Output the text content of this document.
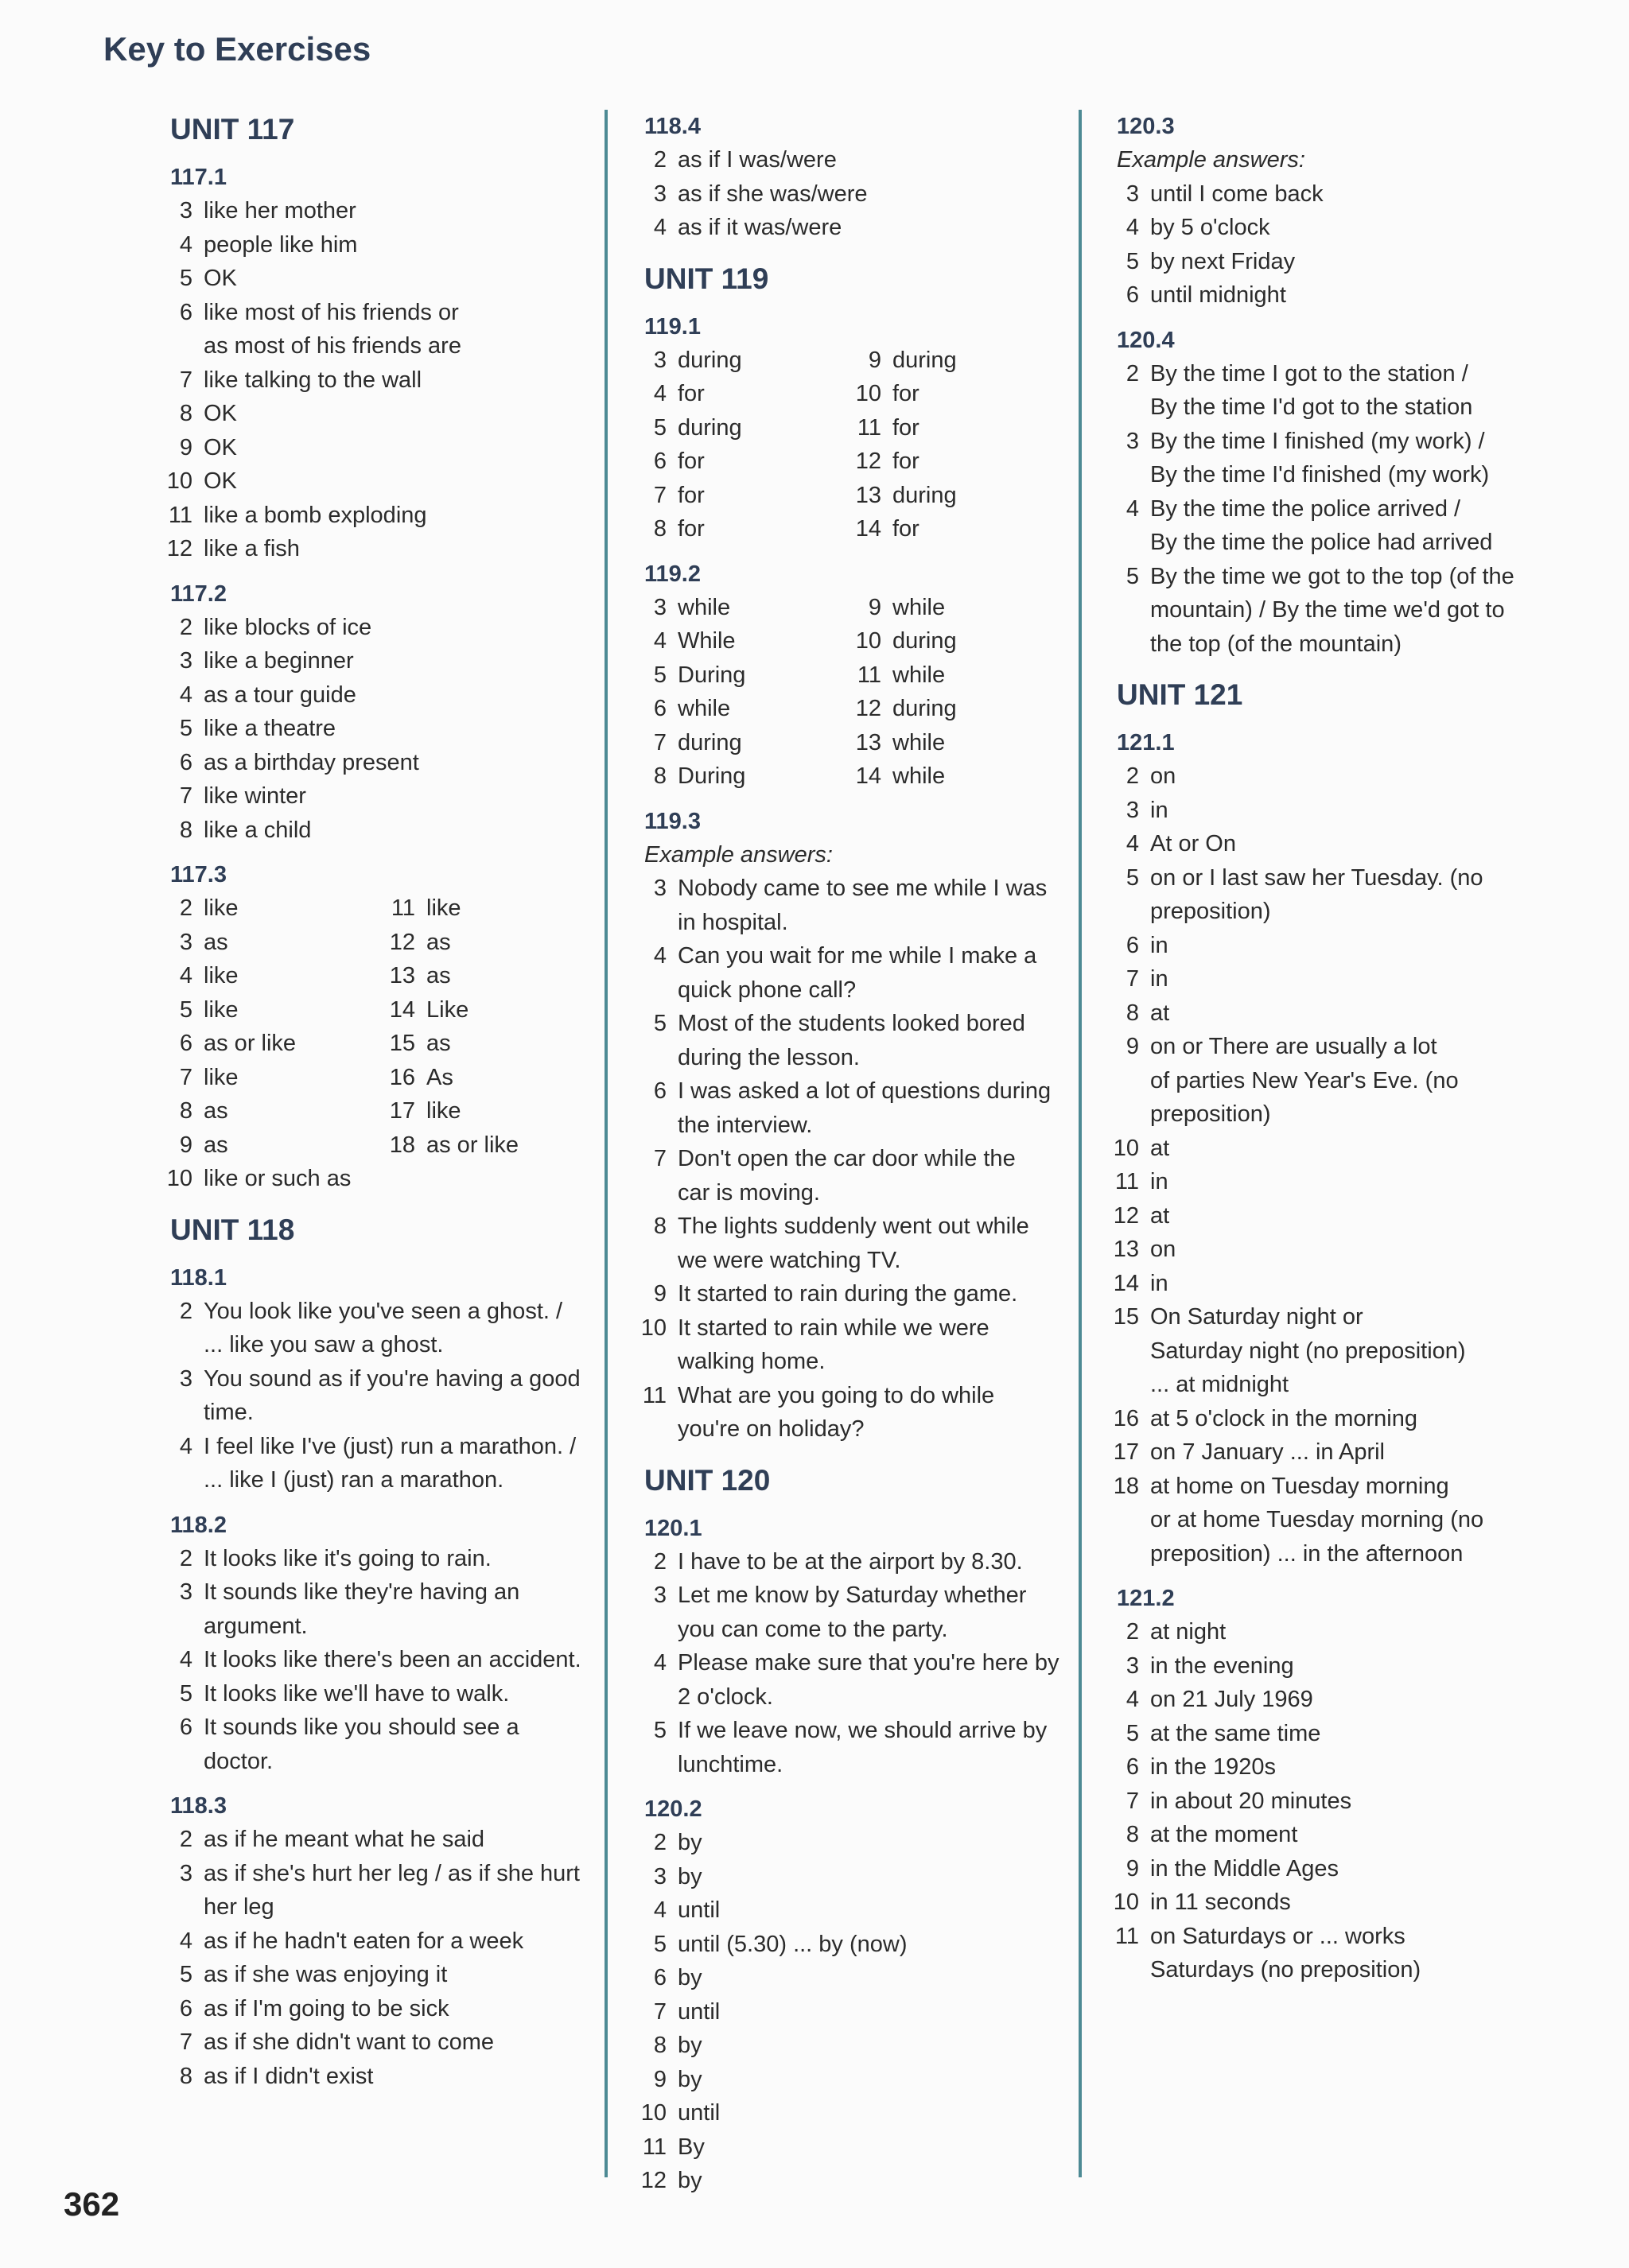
Key to Exercises
UNIT 117
117.1
3 like her mother
4 people like him
5 OK
6 like most of his friends or
as most of his friends are
7 like talking to the wall
8 OK
9 OK
10 OK
11 like a bomb exploding
12 like a fish
117.2
2 like blocks of ice
3 like a beginner
4 as a tour guide
5 like a theatre
6 as a birthday present
7 like winter
8 like a child
117.3
2 like	11 like
3 as	12 as
4 like	13 as
5 like	14 Like
6 as or like	15 as
7 like	16 As
8 as	17 like
9 as	18 as or like
10 like or such as
UNIT 118
118.1
2 You look like you've seen a ghost. /
... like you saw a ghost.
3 You sound as if you're having a good
time.
4 I feel like I've (just) run a marathon. /
... like I (just) ran a marathon.
118.2
2 It looks like it's going to rain.
3 It sounds like they're having an
argument.
4 It looks like there's been an accident.
5 It looks like we'll have to walk.
6 It sounds like you should see a
doctor.
118.3
2 as if he meant what he said
3 as if she's hurt her leg / as if she hurt
her leg
4 as if he hadn't eaten for a week
5 as if she was enjoying it
6 as if I'm going to be sick
7 as if she didn't want to come
8 as if I didn't exist
118.4
2 as if I was/were
3 as if she was/were
4 as if it was/were
UNIT 119
119.1
3 during	9 during
4 for	10 for
5 during	11 for
6 for	12 for
7 for	13 during
8 for	14 for
119.2
3 while	9 while
4 While	10 during
5 During	11 while
6 while	12 during
7 during	13 while
8 During	14 while
119.3
Example answers:
3 Nobody came to see me while I was
in hospital.
4 Can you wait for me while I make a
quick phone call?
5 Most of the students looked bored
during the lesson.
6 I was asked a lot of questions during
the interview.
7 Don't open the car door while the
car is moving.
8 The lights suddenly went out while
we were watching TV.
9 It started to rain during the game.
10 It started to rain while we were
walking home.
11 What are you going to do while
you're on holiday?
UNIT 120
120.1
2 I have to be at the airport by 8.30.
3 Let me know by Saturday whether
you can come to the party.
4 Please make sure that you're here by
2 o'clock.
5 If we leave now, we should arrive by
lunchtime.
120.2
2 by
3 by
4 until
5 until (5.30) ... by (now)
6 by
7 until
8 by
9 by
10 until
11 By
12 by
120.3
Example answers:
3 until I come back
4 by 5 o'clock
5 by next Friday
6 until midnight
120.4
2 By the time I got to the station /
By the time I'd got to the station
3 By the time I finished (my work) /
By the time I'd finished (my work)
4 By the time the police arrived /
By the time the police had arrived
5 By the time we got to the top (of the
mountain) / By the time we'd got to
the top (of the mountain)
UNIT 121
121.1
2 on
3 in
4 At or On
5 on or I last saw her Tuesday. (no
preposition)
6 in
7 in
8 at
9 on or There are usually a lot
of parties New Year's Eve. (no
preposition)
10 at
11 in
12 at
13 on
14 in
15 On Saturday night or
Saturday night (no preposition)
... at midnight
16 at 5 o'clock in the morning
17 on 7 January ... in April
18 at home on Tuesday morning
or at home Tuesday morning (no
preposition) ... in the afternoon
121.2
2 at night
3 in the evening
4 on 21 July 1969
5 at the same time
6 in the 1920s
7 in about 20 minutes
8 at the moment
9 in the Middle Ages
10 in 11 seconds
11 on Saturdays or ... works
Saturdays (no preposition)
362
